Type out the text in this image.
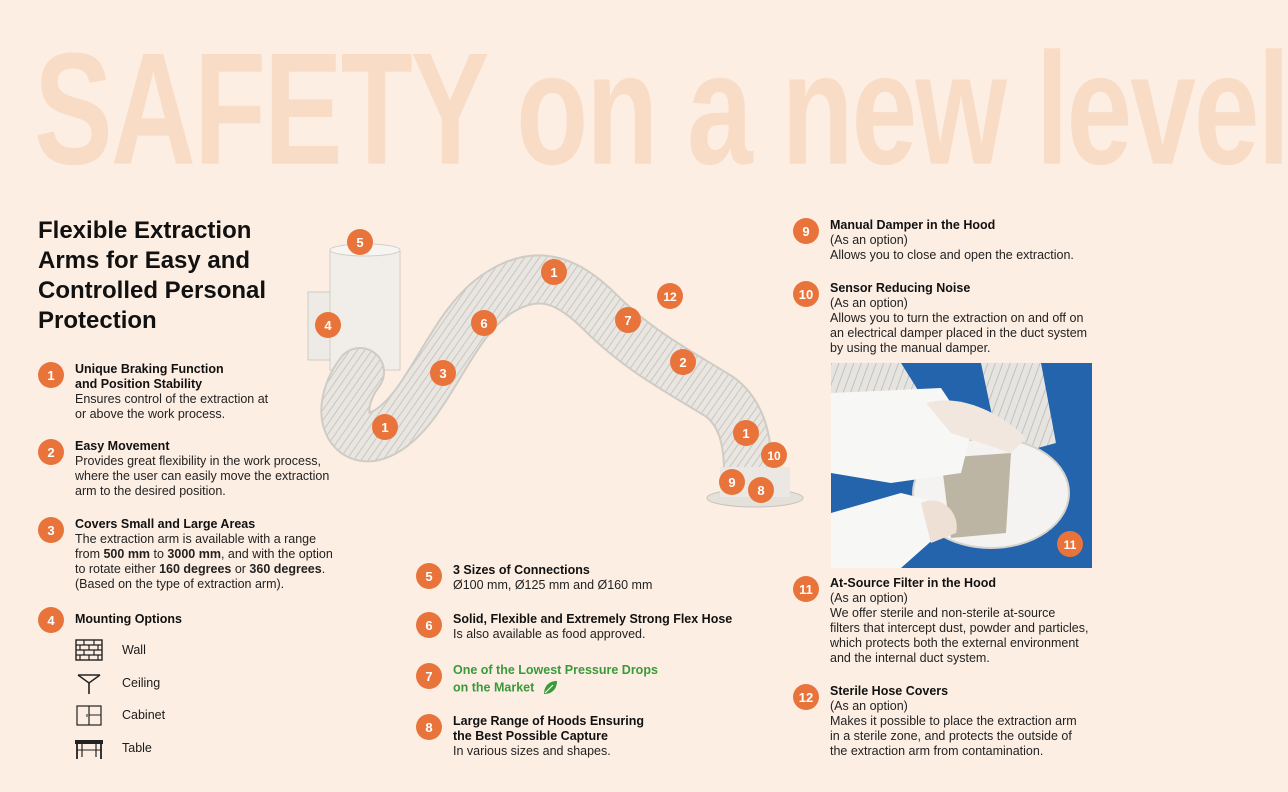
SAFETY on a new level
Flexible Extraction Arms for Easy and Controlled Personal Protection
1	Unique Braking Function
and Position Stability
Ensures control of the extraction at
or above the work process.
2	Easy Movement
Provides great flexibility in the work process,
where the user can easily move the extraction
arm to the desired position.
3	Covers Small and Large Areas
The extraction arm is available with a range
from 500 mm to 3000 mm, and with the option
to rotate either 160 degrees or 360 degrees.
(Based on the type of extraction arm).
4	Mounting Options
Wall
Ceiling
Cabinet
Table
5
4
1
6	7
12
3
2
1	1
10
9
8
5	3 Sizes of Connections
Ø100 mm, Ø125 mm and Ø160 mm
6	Solid, Flexible and Extremely Strong Flex Hose
Is also available as food approved.
7	One of the Lowest Pressure Drops
on the Market
8	Large Range of Hoods Ensuring
the Best Possible Capture
In various sizes and shapes.
9	Manual Damper in the Hood
(As an option)
Allows you to close and open the extraction.
10	Sensor Reducing Noise
(As an option)
Allows you to turn the extraction on and off on
an electrical damper placed in the duct system
by using the manual damper.
11
11	At-Source Filter in the Hood
(As an option)
We offer sterile and non-sterile at-source
filters that intercept dust, powder and particles,
which protects both the external environment
and the internal duct system.
12	Sterile Hose Covers
(As an option)
Makes it possible to place the extraction arm
in a sterile zone, and protects the outside of
the extraction arm from contamination.
